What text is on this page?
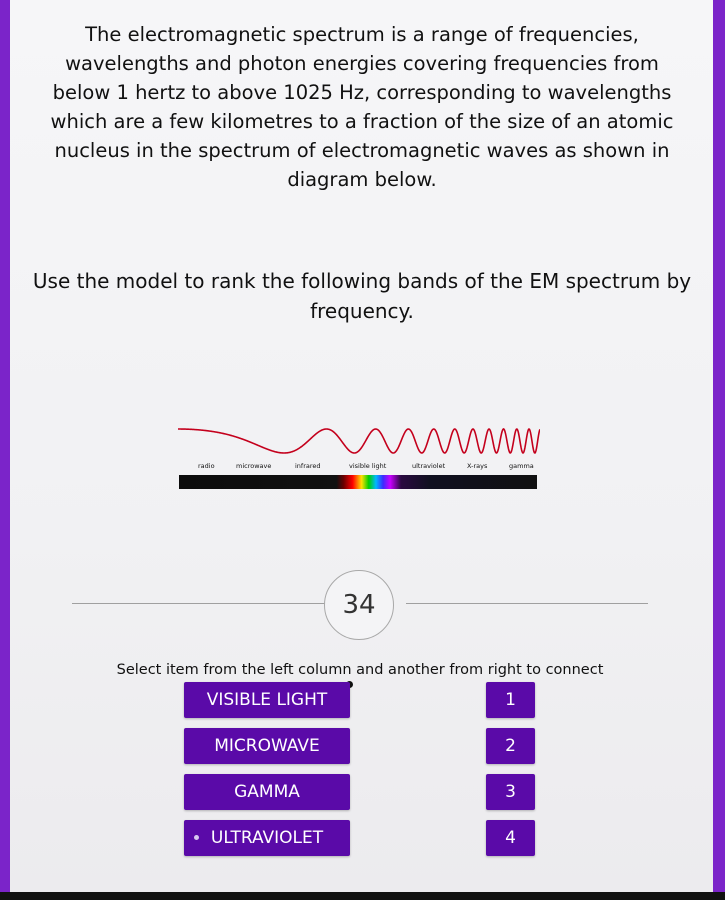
The electromagnetic spectrum is a range of frequencies,
wavelengths and photon energies covering frequencies from
below 1 hertz to above 1025 Hz, corresponding to wavelengths
which are a few kilometres to a fraction of the size of an atomic
nucleus in the spectrum of electromagnetic waves as shown in
diagram below.
Use the model to rank the following bands of the EM spectrum by
frequency.
radio	microwave	infrared	visible light	ultraviolet	X-rays	gamma
34
Select item from the left column and another from right to connect
VISIBLE LIGHT
MICROWAVE
GAMMA
ULTRAVIOLET
1
2
3
4
